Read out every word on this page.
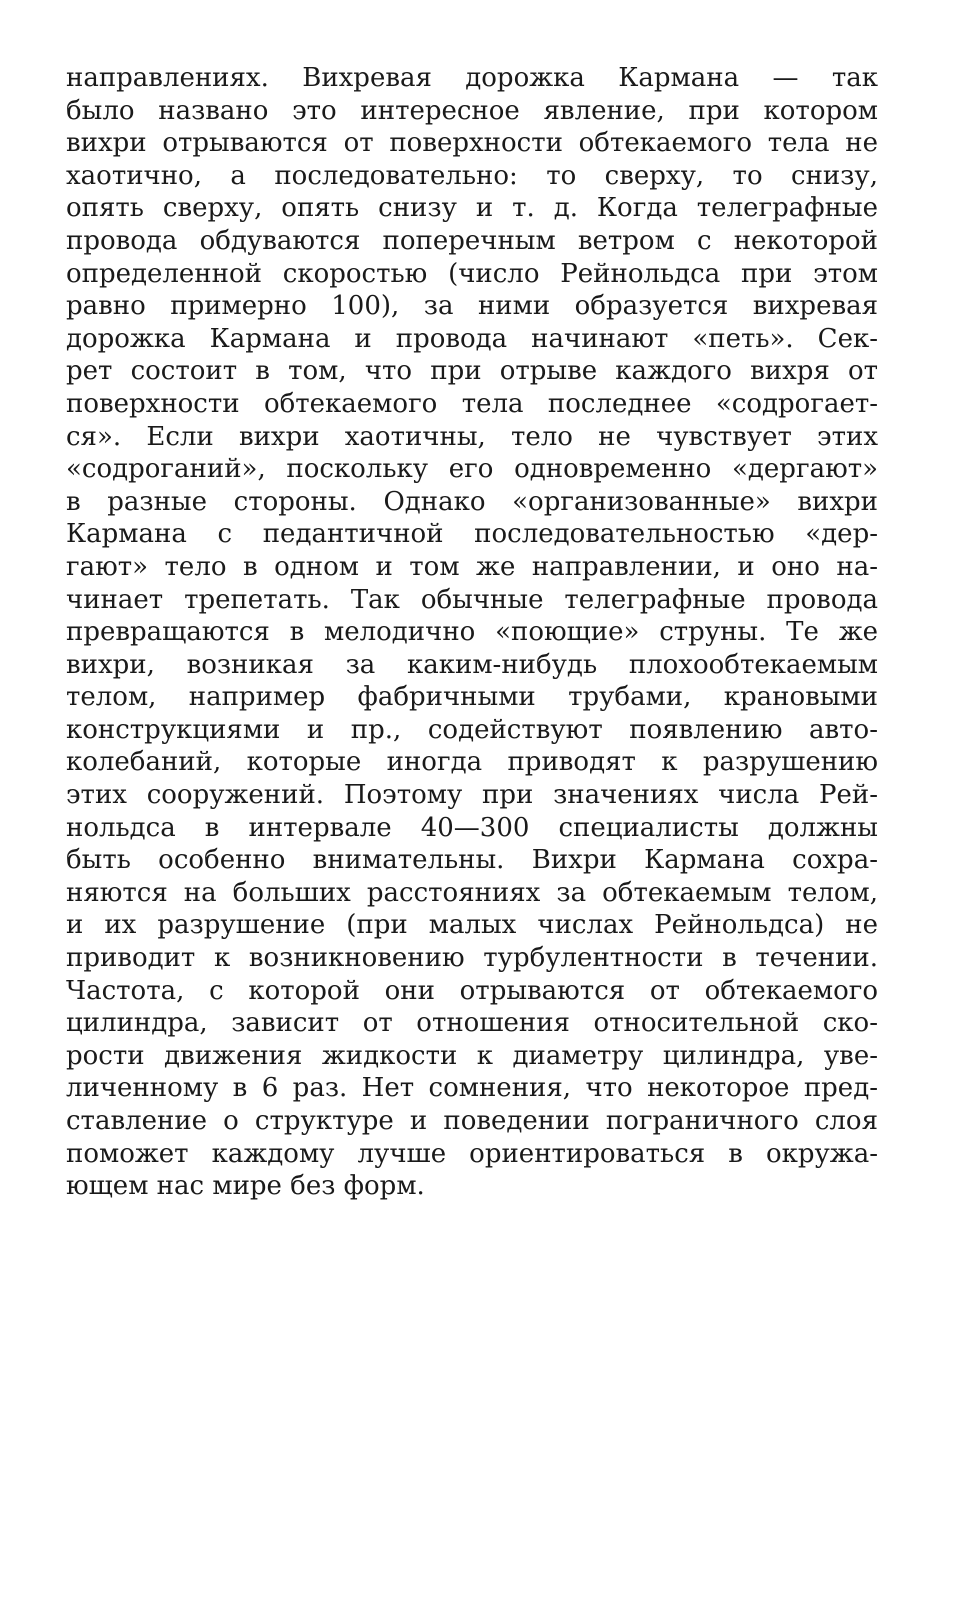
направлениях. Вихревая дорожка Кармана — так
было названо это интересное явление, при котором
вихри отрываются от поверхности обтекаемого тела не
хаотично, а последовательно: то сверху, то снизу,
опять сверху, опять снизу и т. д. Когда телеграфные
провода обдуваются поперечным ветром с некоторой
определенной скоростью (число Рейнольдса при этом
равно примерно 100), за ними образуется вихревая
дорожка Кармана и провода начинают «петь». Сек-
рет состоит в том, что при отрыве каждого вихря от
поверхности обтекаемого тела последнее «содрогает-
ся». Если вихри хаотичны, тело не чувствует этих
«содроганий», поскольку его одновременно «дергают»
в разные стороны. Однако «организованные» вихри
Кармана с педантичной последовательностью «дер-
гают» тело в одном и том же направлении, и оно на-
чинает трепетать. Так обычные телеграфные провода
превращаются в мелодично «поющие» струны. Те же
вихри, возникая за каким-нибудь плохообтекаемым
телом, например фабричными трубами, крановыми
конструкциями и пр., содействуют появлению авто-
колебаний, которые иногда приводят к разрушению
этих сооружений. Поэтому при значениях числа Рей-
нольдса в интервале 40—300 специалисты должны
быть особенно внимательны. Вихри Кармана сохра-
няются на больших расстояниях за обтекаемым телом,
и их разрушение (при малых числах Рейнольдса) не
приводит к возникновению турбулентности в течении.
Частота, с которой они отрываются от обтекаемого
цилиндра, зависит от отношения относительной ско-
рости движения жидкости к диаметру цилиндра, уве-
личенному в 6 раз. Нет сомнения, что некоторое пред-
ставление о структуре и поведении пограничного слоя
поможет каждому лучше ориентироваться в окружа-
ющем нас мире без форм.
